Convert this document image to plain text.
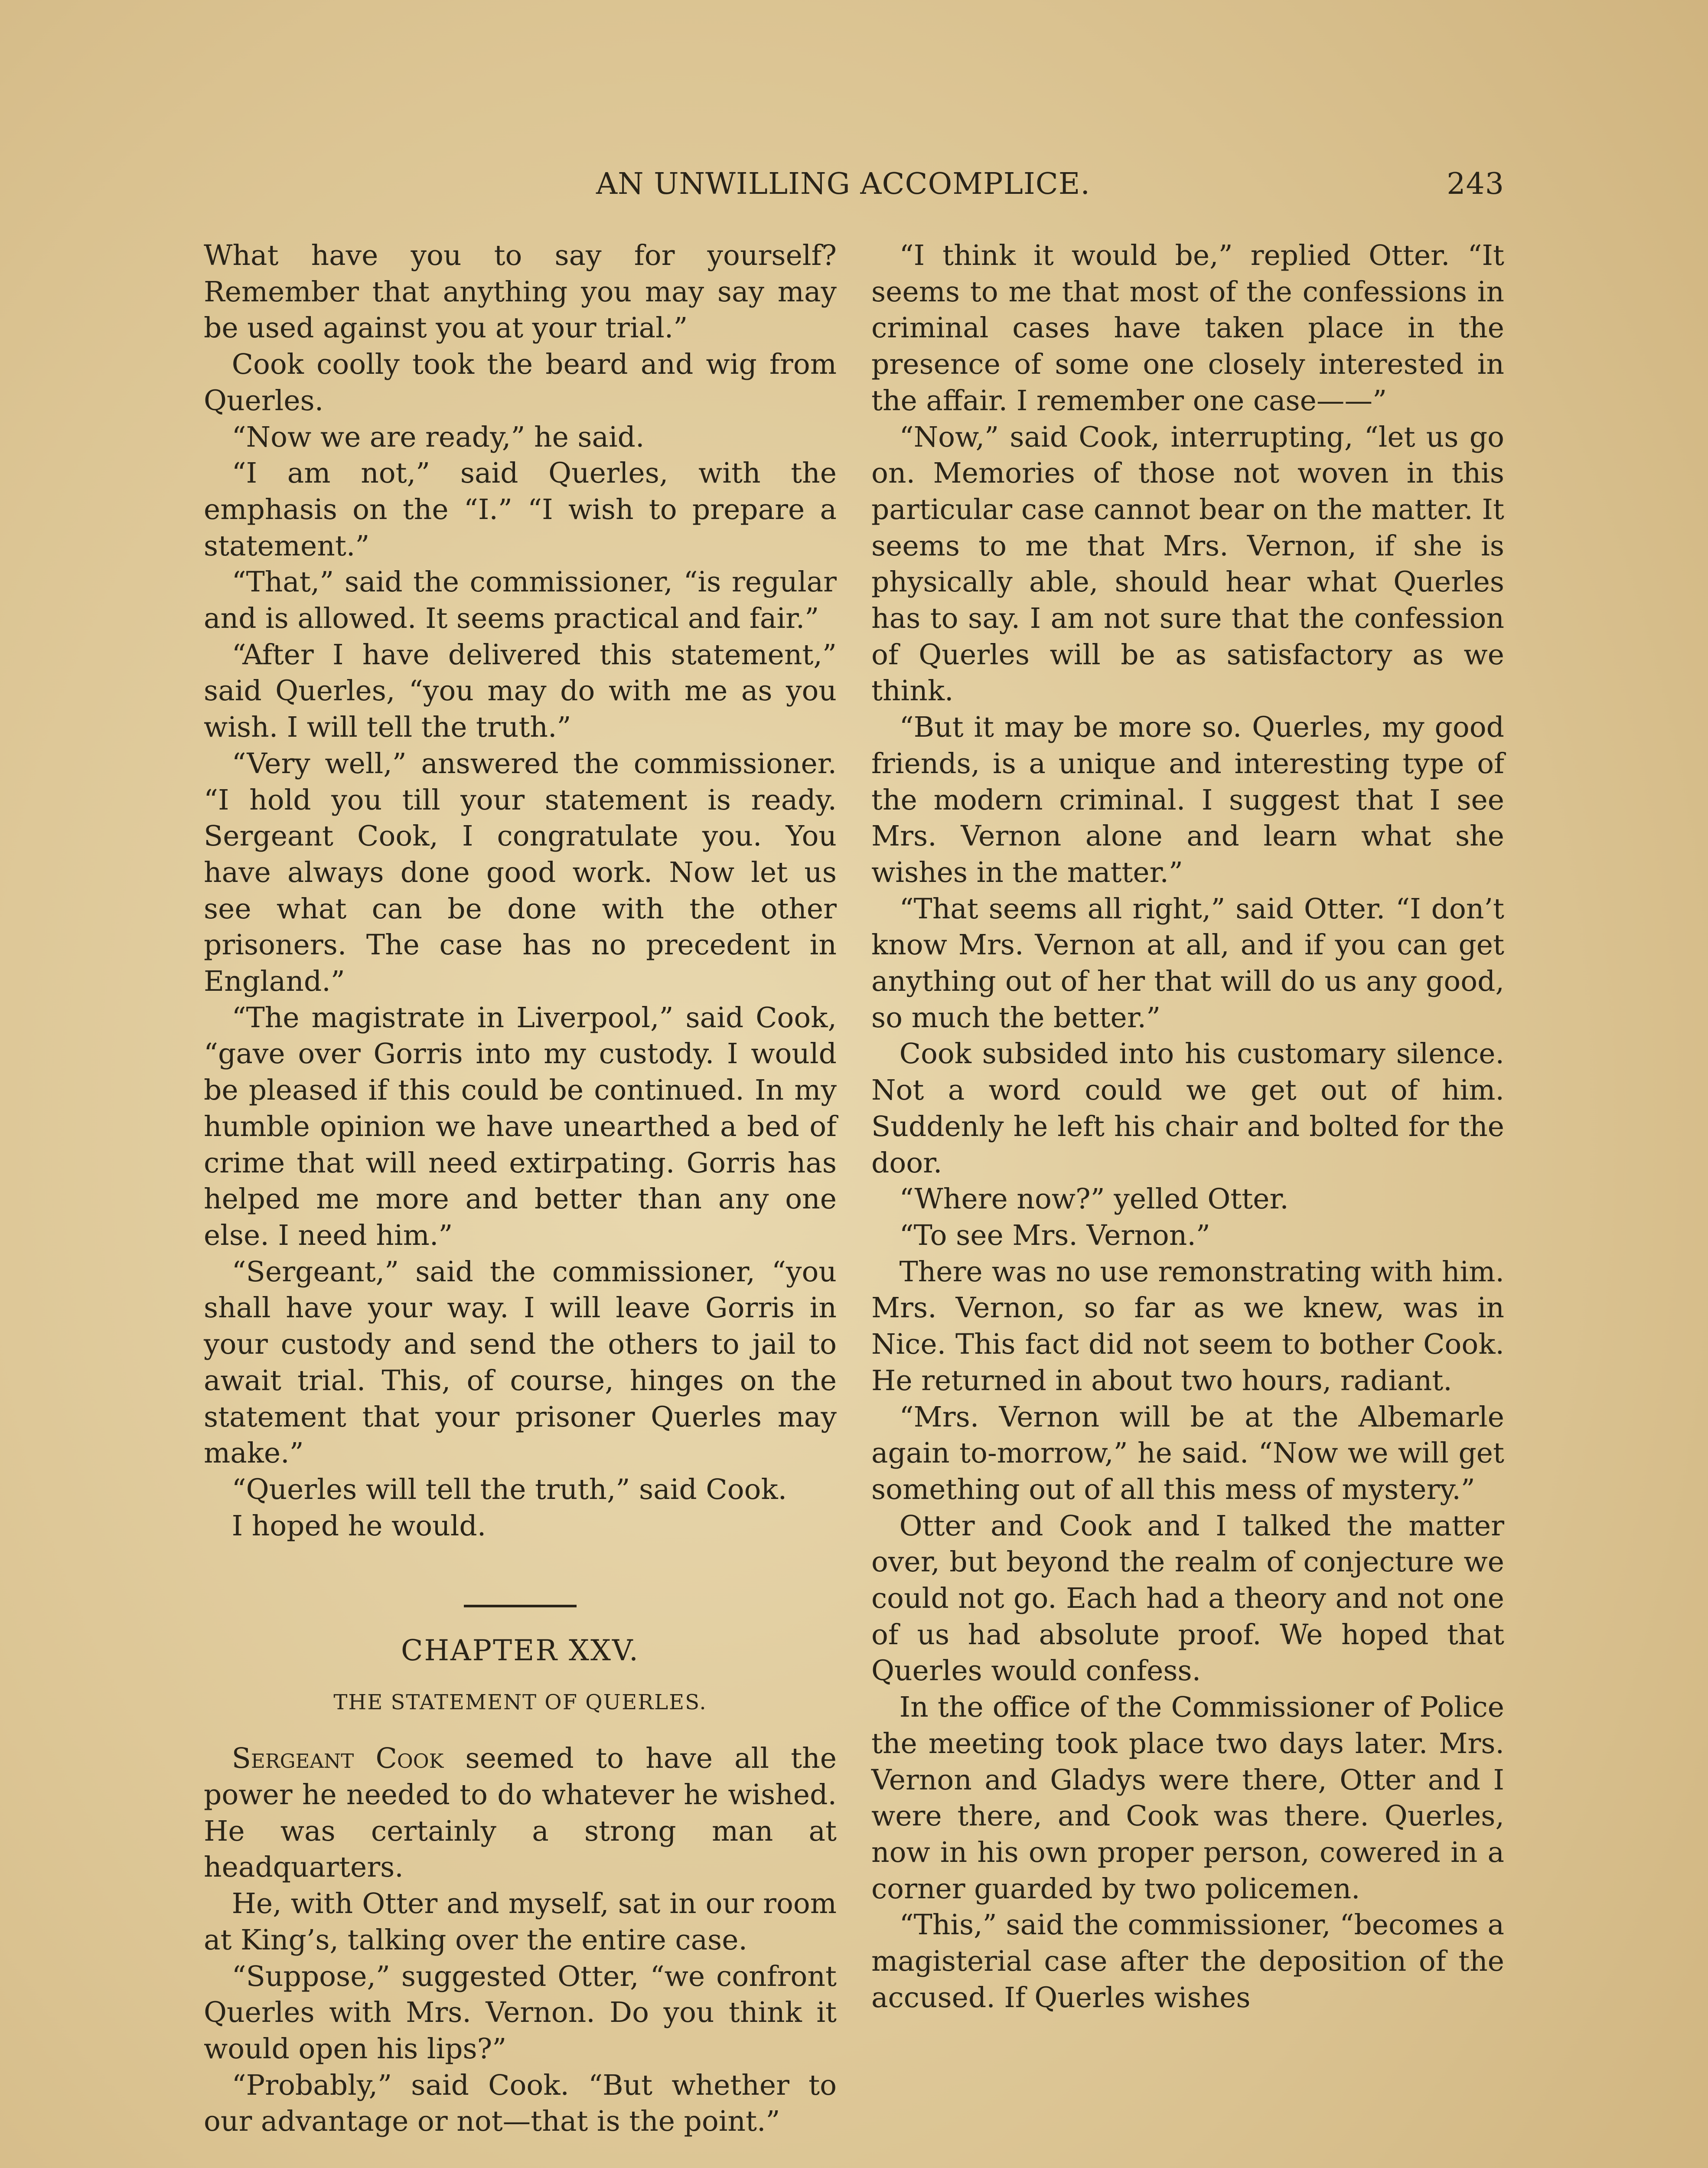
AN UNWILLING ACCOMPLICE.	243

What have you to say for yourself? Remember that anything you may say may be used against you at your trial.”

Cook coolly took the beard and wig from Querles.

“Now we are ready,” he said.

“I am not,” said Querles, with the emphasis on the “I.” “I wish to prepare a statement.”

“That,” said the commissioner, “is regular and is allowed. It seems practical and fair.”

“After I have delivered this statement,” said Querles, “you may do with me as you wish. I will tell the truth.”

“Very well,” answered the commissioner. “I hold you till your statement is ready. Sergeant Cook, I congratulate you. You have always done good work. Now let us see what can be done with the other prisoners. The case has no precedent in England.”

“The magistrate in Liverpool,” said Cook, “gave over Gorris into my custody. I would be pleased if this could be continued. In my humble opinion we have unearthed a bed of crime that will need extirpating. Gorris has helped me more and better than any one else. I need him.”

“Sergeant,” said the commissioner, “you shall have your way. I will leave Gorris in your custody and send the others to jail to await trial. This, of course, hinges on the statement that your prisoner Querles may make.”

“Querles will tell the truth,” said Cook.

I hoped he would.

CHAPTER XXV.
THE STATEMENT OF QUERLES.

Sergeant Cook seemed to have all the power he needed to do whatever he wished. He was certainly a strong man at headquarters.

He, with Otter and myself, sat in our room at King’s, talking over the entire case.

“Suppose,” suggested Otter, “we confront Querles with Mrs. Vernon. Do you think it would open his lips?”

“Probably,” said Cook. “But whether to our advantage or not—that is the point.”

“I think it would be,” replied Otter. “It seems to me that most of the confessions in criminal cases have taken place in the presence of some one closely interested in the affair. I remember one case——”

“Now,” said Cook, interrupting, “let us go on. Memories of those not woven in this particular case cannot bear on the matter. It seems to me that Mrs. Vernon, if she is physically able, should hear what Querles has to say. I am not sure that the confession of Querles will be as satisfactory as we think.

“But it may be more so. Querles, my good friends, is a unique and interesting type of the modern criminal. I suggest that I see Mrs. Vernon alone and learn what she wishes in the matter.”

“That seems all right,” said Otter. “I don’t know Mrs. Vernon at all, and if you can get anything out of her that will do us any good, so much the better.”

Cook subsided into his customary silence. Not a word could we get out of him. Suddenly he left his chair and bolted for the door.

“Where now?” yelled Otter.

“To see Mrs. Vernon.”

There was no use remonstrating with him. Mrs. Vernon, so far as we knew, was in Nice. This fact did not seem to bother Cook. He returned in about two hours, radiant.

“Mrs. Vernon will be at the Albemarle again to-morrow,” he said. “Now we will get something out of all this mess of mystery.”

Otter and Cook and I talked the matter over, but beyond the realm of conjecture we could not go. Each had a theory and not one of us had absolute proof. We hoped that Querles would confess.

In the office of the Commissioner of Police the meeting took place two days later. Mrs. Vernon and Gladys were there, Otter and I were there, and Cook was there. Querles, now in his own proper person, cowered in a corner guarded by two policemen.

“This,” said the commissioner, “becomes a magisterial case after the deposition of the accused. If Querles wishes
